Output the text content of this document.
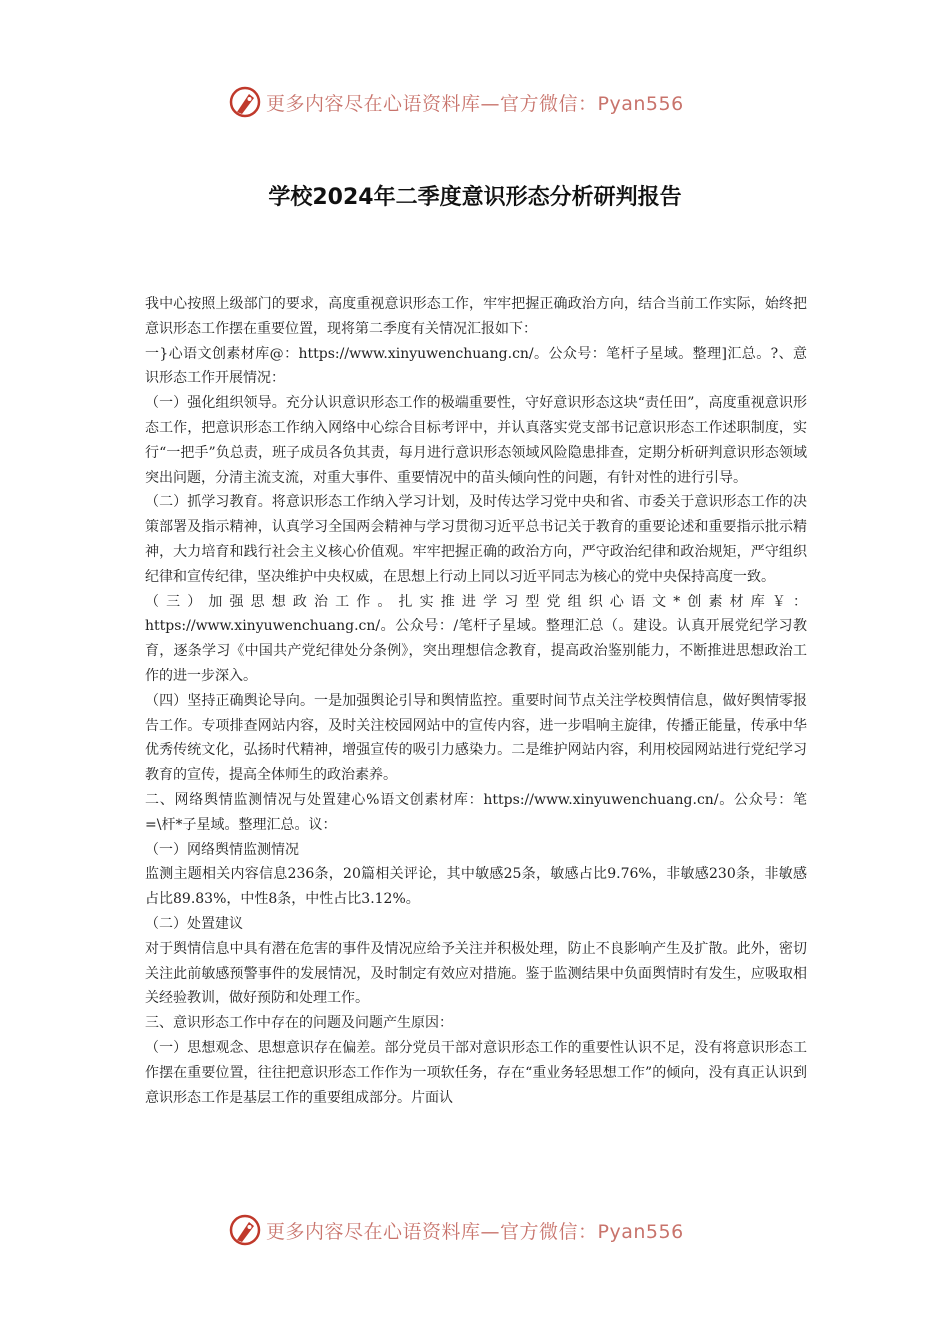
更多内容尽在心语资料库—官方微信：Pyan556
学校2024年二季度意识形态分析研判报告

我中心按照上级部门的要求，高度重视意识形态工作，牢牢把握正确政治方向，结合当前工作实际，始终把意识形态工作摆在重要位置，现将第二季度有关情况汇报如下：

一}心语文创素材库@：https://www.xinyuwenchuang.cn/。公众号：笔杆子星域。整理]汇总。?、意识形态工作开展情况：

（一）强化组织领导。充分认识意识形态工作的极端重要性，守好意识形态这块“责任田”，高度重视意识形态工作，把意识形态工作纳入网络中心综合目标考评中，并认真落实党支部书记意识形态工作述职制度，实行“一把手”负总责，班子成员各负其责，每月进行意识形态领域风险隐患排查，定期分析研判意识形态领域突出问题，分清主流支流，对重大事件、重要情况中的苗头倾向性的问题，有针对性的进行引导。

（二）抓学习教育。将意识形态工作纳入学习计划，及时传达学习党中央和省、市委关于意识形态工作的决策部署及指示精神，认真学习全国两会精神与学习贯彻习近平总书记关于教育的重要论述和重要指示批示精神，大力培育和践行社会主义核心价值观。牢牢把握正确的政治方向，严守政治纪律和政治规矩，严守组织纪律和宣传纪律，坚决维护中央权威，在思想上行动上同以习近平同志为核心的党中央保持高度一致。

（三）加强思想政治工作。扎实推进学习型党组织心语文*创素材库￥：https://www.xinyuwenchuang.cn/。公众号：/笔杆子星域。整理汇总（。建设。认真开展党纪学习教育，逐条学习《中国共产党纪律处分条例》，突出理想信念教育，提高政治鉴别能力，不断推进思想政治工作的进一步深入。

（四）坚持正确舆论导向。一是加强舆论引导和舆情监控。重要时间节点关注学校舆情信息，做好舆情零报告工作。专项排查网站内容，及时关注校园网站中的宣传内容，进一步唱响主旋律，传播正能量，传承中华优秀传统文化，弘扬时代精神，增强宣传的吸引力感染力。二是维护网站内容，利用校园网站进行党纪学习教育的宣传，提高全体师生的政治素养。

二、网络舆情监测情况与处置建心%语文创素材库：https://www.xinyuwenchuang.cn/。公众号：笔=\杆*子星域。整理汇总。议：

（一）网络舆情监测情况

监测主题相关内容信息236条，20篇相关评论，其中敏感25条，敏感占比9.76%，非敏感230条，非敏感占比89.83%，中性8条，中性占比3.12%。

（二）处置建议

对于舆情信息中具有潜在危害的事件及情况应给予关注并积极处理，防止不良影响产生及扩散。此外，密切关注此前敏感预警事件的发展情况，及时制定有效应对措施。鉴于监测结果中负面舆情时有发生，应吸取相关经验教训，做好预防和处理工作。

三、意识形态工作中存在的问题及问题产生原因：

（一）思想观念、思想意识存在偏差。部分党员干部对意识形态工作的重要性认识不足，没有将意识形态工作摆在重要位置，往往把意识形态工作作为一项软任务，存在“重业务轻思想工作”的倾向，没有真正认识到意识形态工作是基层工作的重要组成部分。片面认

更多内容尽在心语资料库—官方微信：Pyan556
